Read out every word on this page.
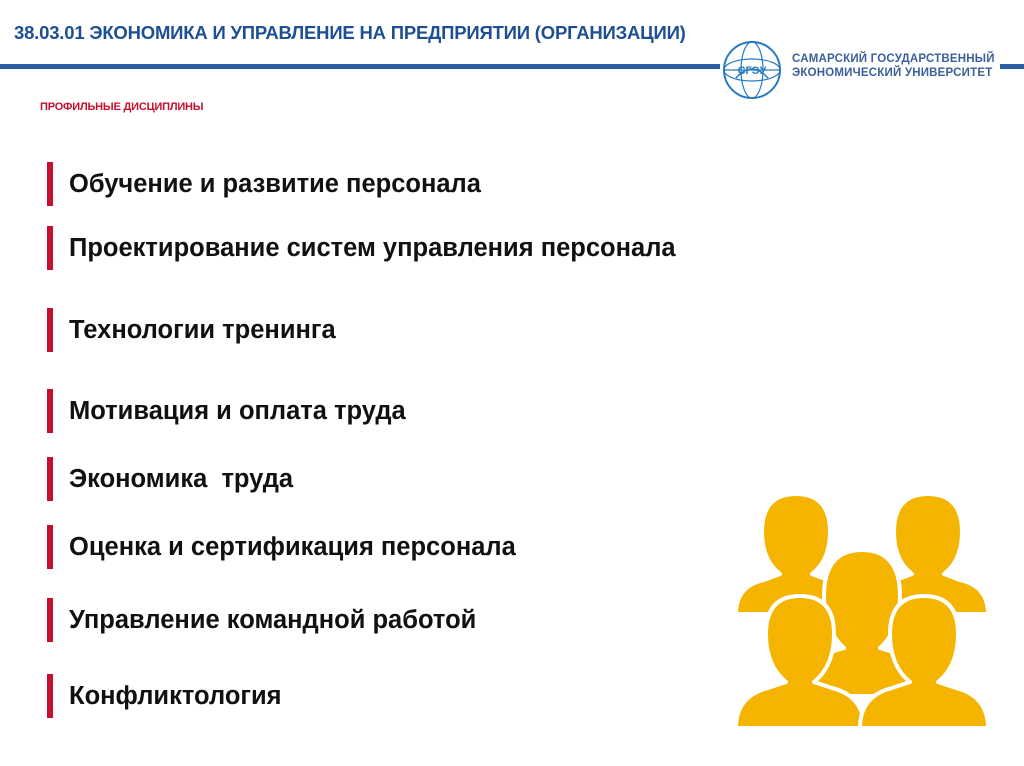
38.03.01 ЭКОНОМИКА И УПРАВЛЕНИЕ НА ПРЕДПРИЯТИИ (ОРГАНИЗАЦИИ)
СГЭУ
САМАРСКИЙ ГОСУДАРСТВЕННЫЙ
ЭКОНОМИЧЕСКИЙ УНИВЕРСИТЕТ
ПРОФИЛЬНЫЕ ДИСЦИПЛИНЫ
Обучение и развитие персонала
Проектирование систем управления персонала
Технологии тренинга
Мотивация и оплата труда
Экономика  труда
Оценка и сертификация персонала
Управление командной работой
Конфликтология
